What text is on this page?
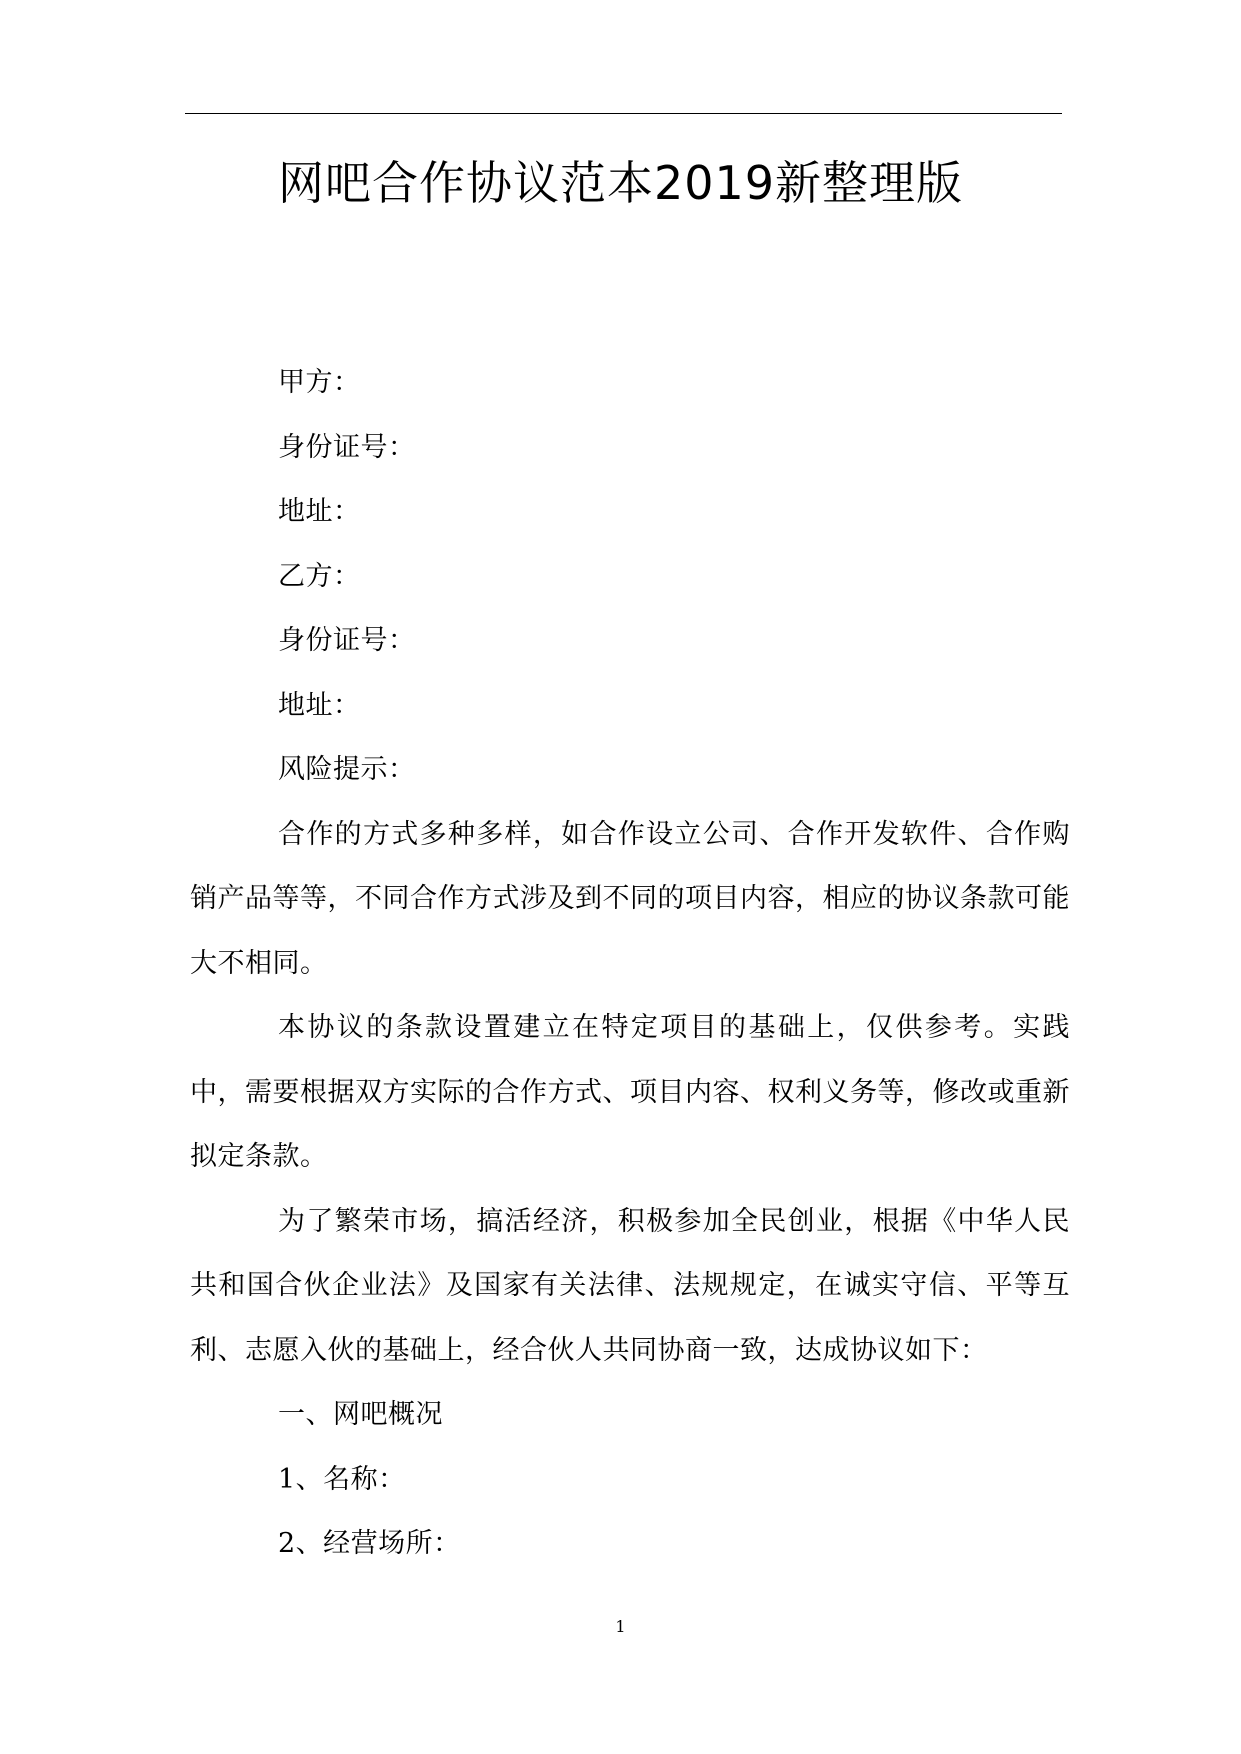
网吧合作协议范本2019新整理版

甲方：

身份证号：

地址：

乙方：

身份证号：

地址：

风险提示：

合作的方式多种多样，如合作设立公司、合作开发软件、合作购销产品等等，不同合作方式涉及到不同的项目内容，相应的协议条款可能大不相同。

本协议的条款设置建立在特定项目的基础上，仅供参考。实践中，需要根据双方实际的合作方式、项目内容、权利义务等，修改或重新拟定条款。

为了繁荣市场，搞活经济，积极参加全民创业，根据《中华人民共和国合伙企业法》及国家有关法律、法规规定，在诚实守信、平等互利、志愿入伙的基础上，经合伙人共同协商一致，达成协议如下：

一、网吧概况

1、名称：

2、经营场所：

1
